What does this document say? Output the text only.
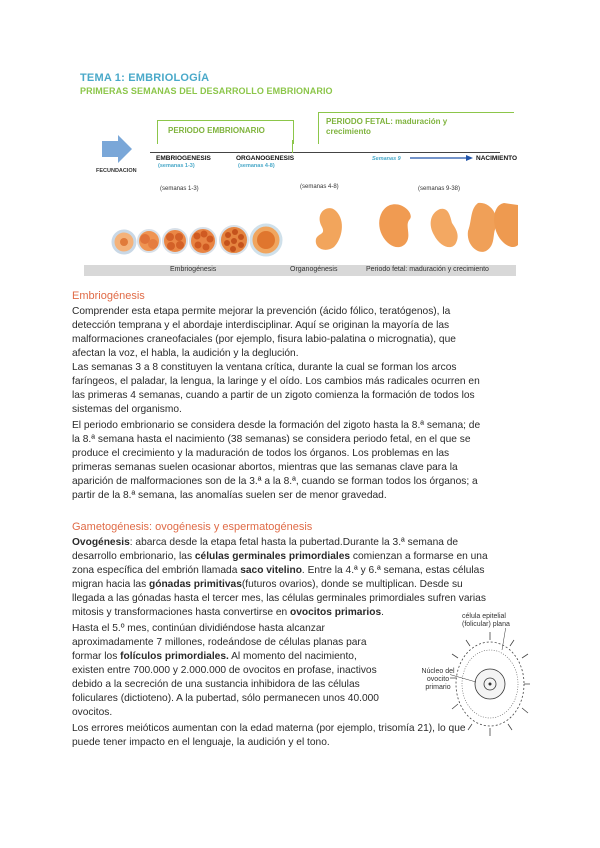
TEMA 1: EMBRIOLOGÍA
PRIMERAS SEMANAS DEL DESARROLLO EMBRIONARIO
PERIODO EMBRIONARIO
PERIODO FETAL: maduración y crecimiento
FECUNDACION
EMBRIOGENESIS
(semanas 1-3)
ORGANOGENESIS
(semanas 4-8)
Semanas 9	NACIMIENTO
(semanas 1-3)	(semanas 4-8)	(semanas 9-38)
Embriogénesis	Organogénesis	Periodo fetal: maduración y crecimiento
Embriogénesis
Comprender esta etapa permite mejorar la prevención (ácido fólico, teratógenos), la
detección temprana y el abordaje interdisciplinar. Aquí se originan la mayoría de las
malformaciones craneofaciales (por ejemplo, fisura labio-palatina o micrognatia), que
afectan la voz, el habla, la audición y la deglución.
Las semanas 3 a 8 constituyen la ventana crítica, durante la cual se forman los arcos
faríngeos, el paladar, la lengua, la laringe y el oído. Los cambios más radicales ocurren en
las primeras 4 semanas, cuando a partir de un zigoto comienza la formación de todos los
sistemas del organismo.
El periodo embrionario se considera desde la formación del zigoto hasta la 8.ª semana; de
la 8.ª semana hasta el nacimiento (38 semanas) se considera periodo fetal, en el que se
produce el crecimiento y la maduración de todos los órganos. Los problemas en las
primeras semanas suelen ocasionar abortos, mientras que las semanas clave para la
aparición de malformaciones son de la 3.ª a la 8.ª, cuando se forman todos los órganos; a
partir de la 8.ª semana, las anomalías suelen ser de menor gravedad.
Gametogénesis: ovogénesis y espermatogénesis
Ovogénesis: abarca desde la etapa fetal hasta la pubertad.Durante la 3.ª semana de
desarrollo embrionario, las células germinales primordiales comienzan a formarse en una
zona específica del embrión llamada saco vitelino. Entre la 4.ª y 6.ª semana, estas células
migran hacia las gónadas primitivas(futuros ovarios), donde se multiplican. Desde su
llegada a las gónadas hasta el tercer mes, las células germinales primordiales sufren varias
mitosis y transformaciones hasta convertirse en ovocitos primarios.
Hasta el 5.º mes, continúan dividiéndose hasta alcanzar
aproximadamente 7 millones, rodeándose de células planas para
formar los folículos primordiales. Al momento del nacimiento,
existen entre 700.000 y 2.000.000 de ovocitos en profase, inactivos
debido a la secreción de una sustancia inhibidora de las células
foliculares (dictioteno). A la pubertad, sólo permanecen unos 40.000
ovocitos.
Los errores meióticos aumentan con la edad materna (por ejemplo, trisomía 21), lo que
puede tener impacto en el lenguaje, la audición y el tono.
célula epitelial (folicular) plana
Núcleo del ovocito primario
